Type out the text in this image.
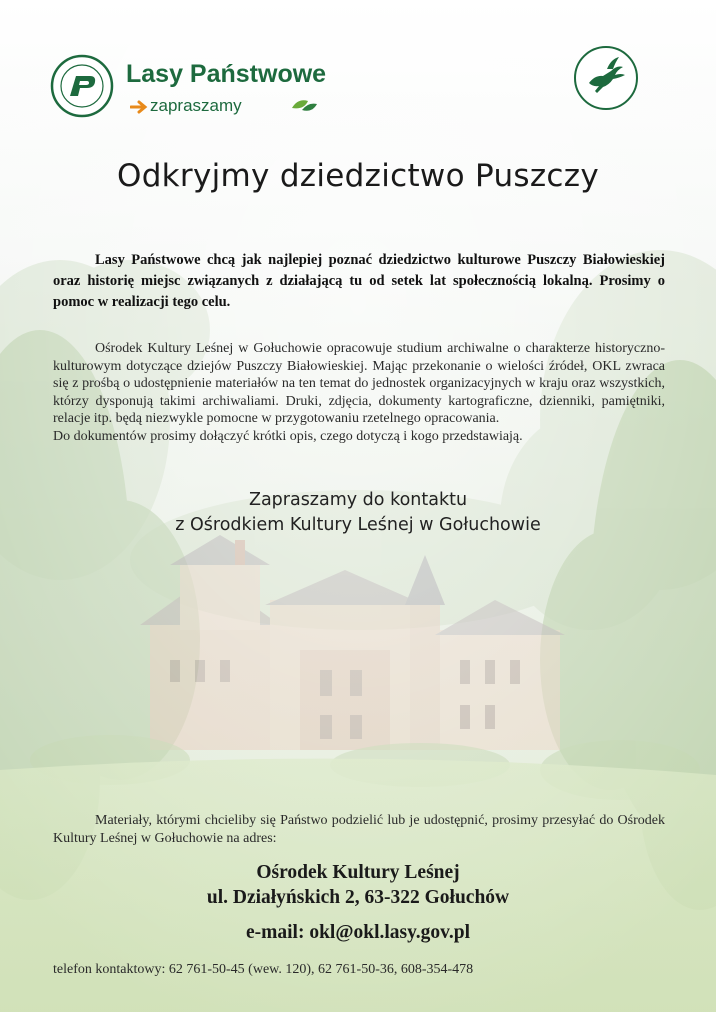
Lasy Państwowe
zapraszamy
Odkryjmy dziedzictwo Puszczy
Lasy Państwowe chcą jak najlepiej poznać dziedzictwo kulturowe Puszczy Białowieskiej oraz historię miejsc związanych z działającą tu od setek lat społecznością lokalną. Prosimy o pomoc w realizacji tego celu.

Ośrodek Kultury Leśnej w Gołuchowie opracowuje studium archiwalne o charakterze historyczno-kulturowym dotyczące dziejów Puszczy Białowieskiej. Mając przekonanie o wielości źródeł, OKL zwraca się z prośbą o udostępnienie materiałów na ten temat do jednostek organizacyjnych w kraju oraz wszystkich, którzy dysponują takimi archiwaliami. Druki, zdjęcia, dokumenty kartograficzne, dzienniki, pamiętniki, relacje itp. będą niezwykle pomocne w przygotowaniu rzetelnego opracowania.

Do dokumentów prosimy dołączyć krótki opis, czego dotyczą i kogo przedstawiają.

Zapraszamy do kontaktu
z Ośrodkiem Kultury Leśnej w Gołuchowie
Materiały, którymi chcieliby się Państwo podzielić lub je udostępnić, prosimy przesyłać do Ośrodek Kultury Leśnej w Gołuchowie na adres:
Ośrodek Kultury Leśnej
ul. Działyńskich 2, 63-322 Gołuchów
e-mail: okl@okl.lasy.gov.pl
telefon kontaktowy: 62 761-50-45 (wew. 120), 62 761-50-36, 608-354-478
